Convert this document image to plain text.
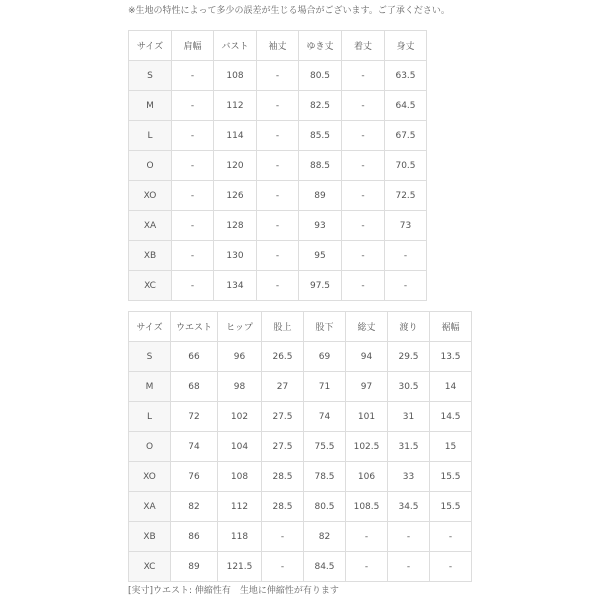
※生地の特性によって多少の誤差が生じる場合がございます。ご了承ください。
サイズ	肩幅	バスト	袖丈	ゆき丈	着丈	身丈
S	-	108	-	80.5	-	63.5
M	-	112	-	82.5	-	64.5
L	-	114	-	85.5	-	67.5
O	-	120	-	88.5	-	70.5
XO	-	126	-	89	-	72.5
XA	-	128	-	93	-	73
XB	-	130	-	95	-	-
XC	-	134	-	97.5	-	-
サイズ	ウエスト	ヒップ	股上	股下	総丈	渡り	裾幅
S	66	96	26.5	69	94	29.5	13.5
M	68	98	27	71	97	30.5	14
L	72	102	27.5	74	101	31	14.5
O	74	104	27.5	75.5	102.5	31.5	15
XO	76	108	28.5	78.5	106	33	15.5
XA	82	112	28.5	80.5	108.5	34.5	15.5
XB	86	118	-	82	-	-	-
XC	89	121.5	-	84.5	-	-	-
[実寸]ウエスト: 伸縮性有　生地に伸縮性が有ります
